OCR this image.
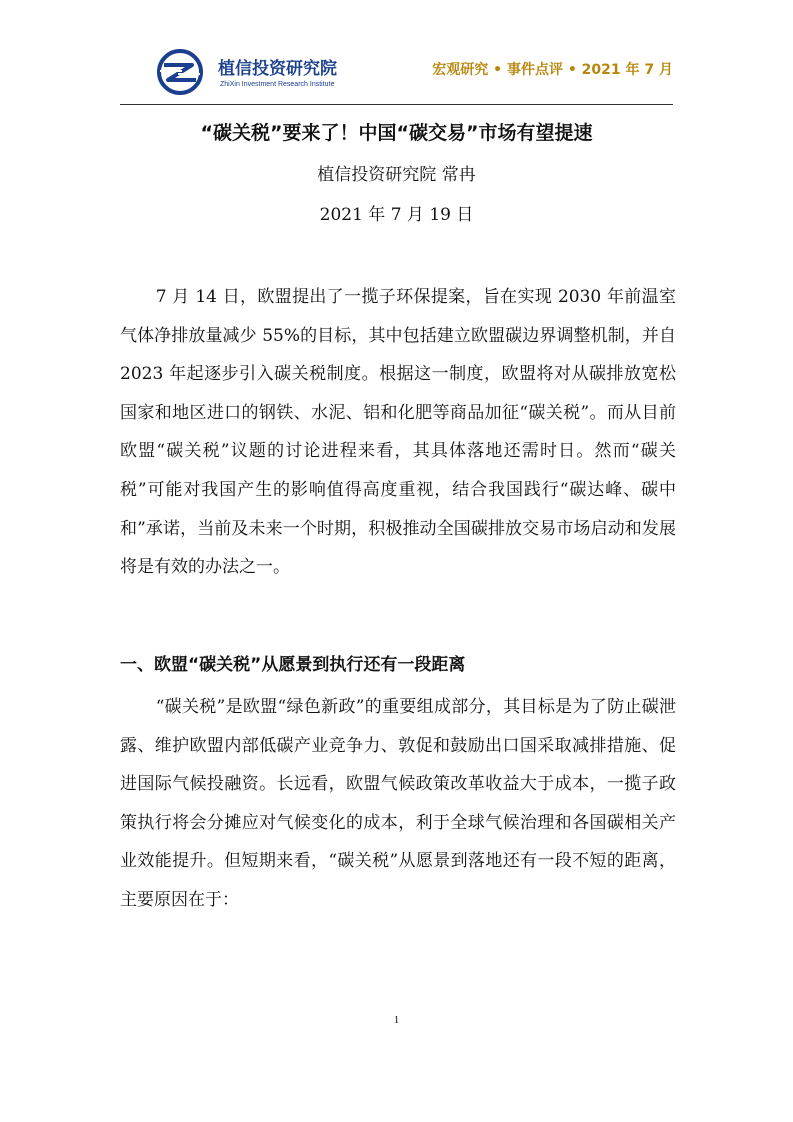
植信投资研究院
ZhiXin Investment Research Institute
宏观研究 • 事件点评 • 2021 年 7 月
“碳关税”要来了！中国“碳交易”市场有望提速
植信投资研究院 常冉
2021 年 7 月 19 日
7 月 14 日，欧盟提出了一揽子环保提案，旨在实现 2030 年前温室气体净排放量减少 55%的目标，其中包括建立欧盟碳边界调整机制，并自 2023 年起逐步引入碳关税制度。根据这一制度，欧盟将对从碳排放宽松国家和地区进口的钢铁、水泥、铝和化肥等商品加征“碳关税”。而从目前欧盟“碳关税”议题的讨论进程来看，其具体落地还需时日。然而“碳关税”可能对我国产生的影响值得高度重视，结合我国践行“碳达峰、碳中和”承诺，当前及未来一个时期，积极推动全国碳排放交易市场启动和发展将是有效的办法之一。
一、欧盟“碳关税”从愿景到执行还有一段距离
“碳关税”是欧盟“绿色新政”的重要组成部分，其目标是为了防止碳泄露、维护欧盟内部低碳产业竞争力、敦促和鼓励出口国采取减排措施、促进国际气候投融资。长远看，欧盟气候政策改革收益大于成本，一揽子政策执行将会分摊应对气候变化的成本，利于全球气候治理和各国碳相关产业效能提升。但短期来看，“碳关税”从愿景到落地还有一段不短的距离，主要原因在于：
1
